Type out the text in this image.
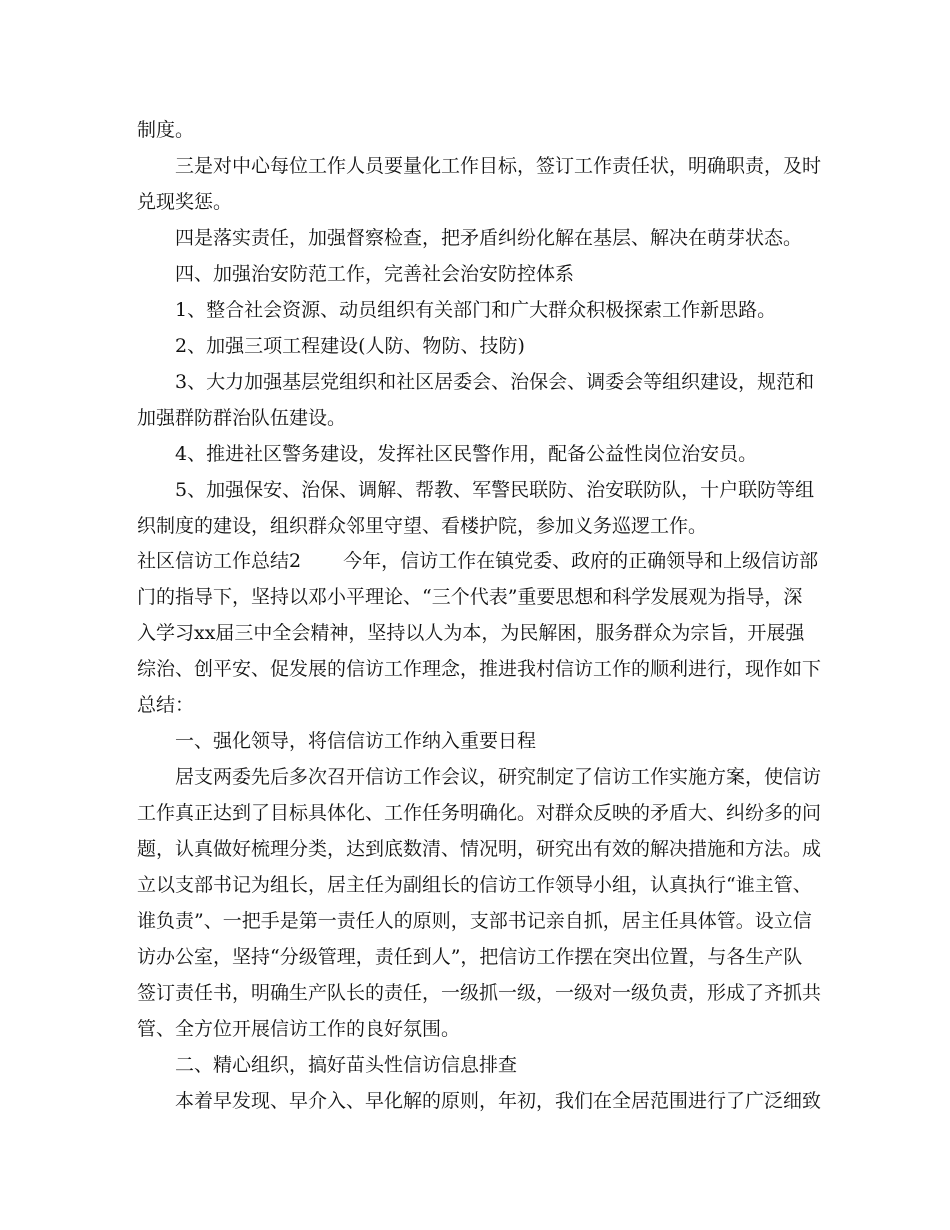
制度。
三是对中心每位工作人员要量化工作目标，签订工作责任状，明确职责，及时
兑现奖惩。
四是落实责任，加强督察检查，把矛盾纠纷化解在基层、解决在萌芽状态。
四、加强治安防范工作，完善社会治安防控体系
1、整合社会资源、动员组织有关部门和广大群众积极探索工作新思路。
2、加强三项工程建设(人防、物防、技防)
3、大力加强基层党组织和社区居委会、治保会、调委会等组织建设，规范和
加强群防群治队伍建设。
4、推进社区警务建设，发挥社区民警作用，配备公益性岗位治安员。
5、加强保安、治保、调解、帮教、军警民联防、治安联防队，十户联防等组
织制度的建设，组织群众邻里守望、看楼护院，参加义务巡逻工作。
社区信访工作总结2 今年，信访工作在镇党委、政府的正确领导和上级信访部
门的指导下，坚持以邓小平理论、“三个代表”重要思想和科学发展观为指导，深
入学习xx届三中全会精神，坚持以人为本，为民解困，服务群众为宗旨，开展强
综治、创平安、促发展的信访工作理念，推进我村信访工作的顺利进行，现作如下
总结：
一、强化领导，将信信访工作纳入重要日程
居支两委先后多次召开信访工作会议，研究制定了信访工作实施方案，使信访
工作真正达到了目标具体化、工作任务明确化。对群众反映的矛盾大、纠纷多的问
题，认真做好梳理分类，达到底数清、情况明，研究出有效的解决措施和方法。成
立以支部书记为组长，居主任为副组长的信访工作领导小组，认真执行“谁主管、
谁负责”、一把手是第一责任人的原则，支部书记亲自抓，居主任具体管。设立信
访办公室，坚持“分级管理，责任到人”，把信访工作摆在突出位置，与各生产队
签订责任书，明确生产队长的责任，一级抓一级，一级对一级负责，形成了齐抓共
管、全方位开展信访工作的良好氛围。
二、精心组织，搞好苗头性信访信息排查
本着早发现、早介入、早化解的原则，年初，我们在全居范围进行了广泛细致
